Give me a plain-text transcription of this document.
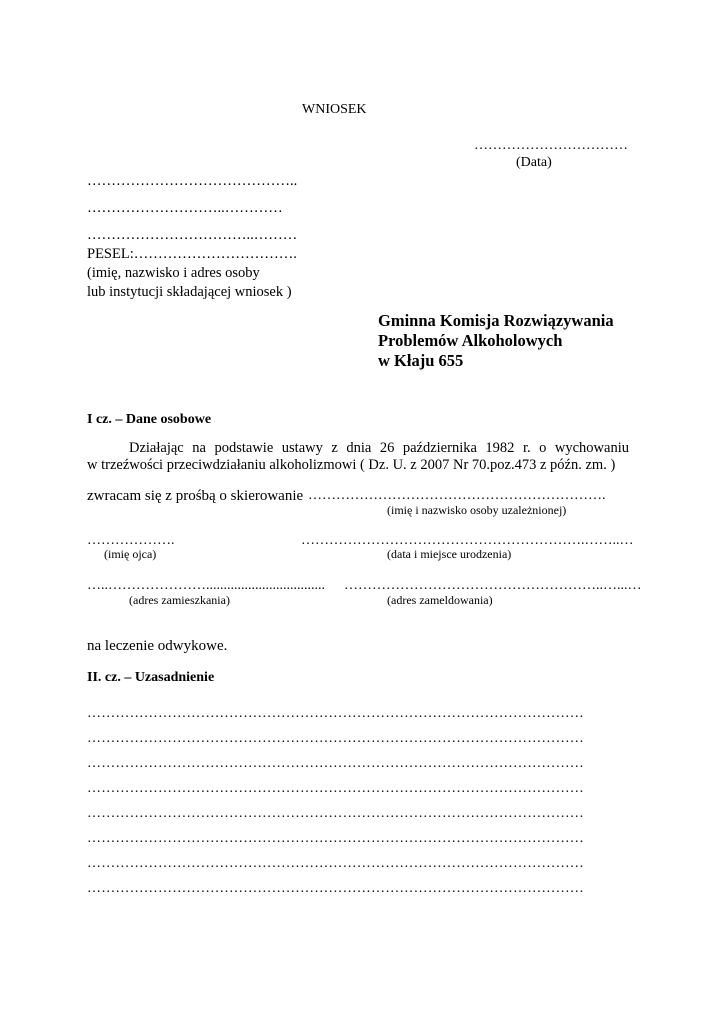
WNIOSEK
……………………………
(Data)
……………………………………..
………………………..…………
……………………………..………
PESEL:…………………………….
(imię, nazwisko i adres osoby
lub instytucji składającej wniosek )
Gminna Komisja Rozwiązywania
Problemów Alkoholowych
w Kłaju 655
I cz. – Dane osobowe
Działając na podstawie ustawy z dnia 26 października 1982 r. o wychowaniu
w trzeźwości przeciwdziałaniu alkoholizmowi ( Dz. U. z 2007 Nr 70.poz.473 z późn. zm. )
zwracam się z prośbą o skierowanie ……………………………………………………….
(imię i nazwisko osoby uzależnionej)
……………….	…………………………………………………….……..…
(imię ojca)	(data i miejsce urodzenia)
…..………………….................................. ………………………………………………..…...…
(adres zamieszkania)	(adres zameldowania)
na leczenie odwykowe.
II. cz. – Uzasadnienie
……………………………………………………………………………………………
……………………………………………………………………………………………
……………………………………………………………………………………………
……………………………………………………………………………………………
……………………………………………………………………………………………
……………………………………………………………………………………………
……………………………………………………………………………………………
……………………………………………………………………………………………
